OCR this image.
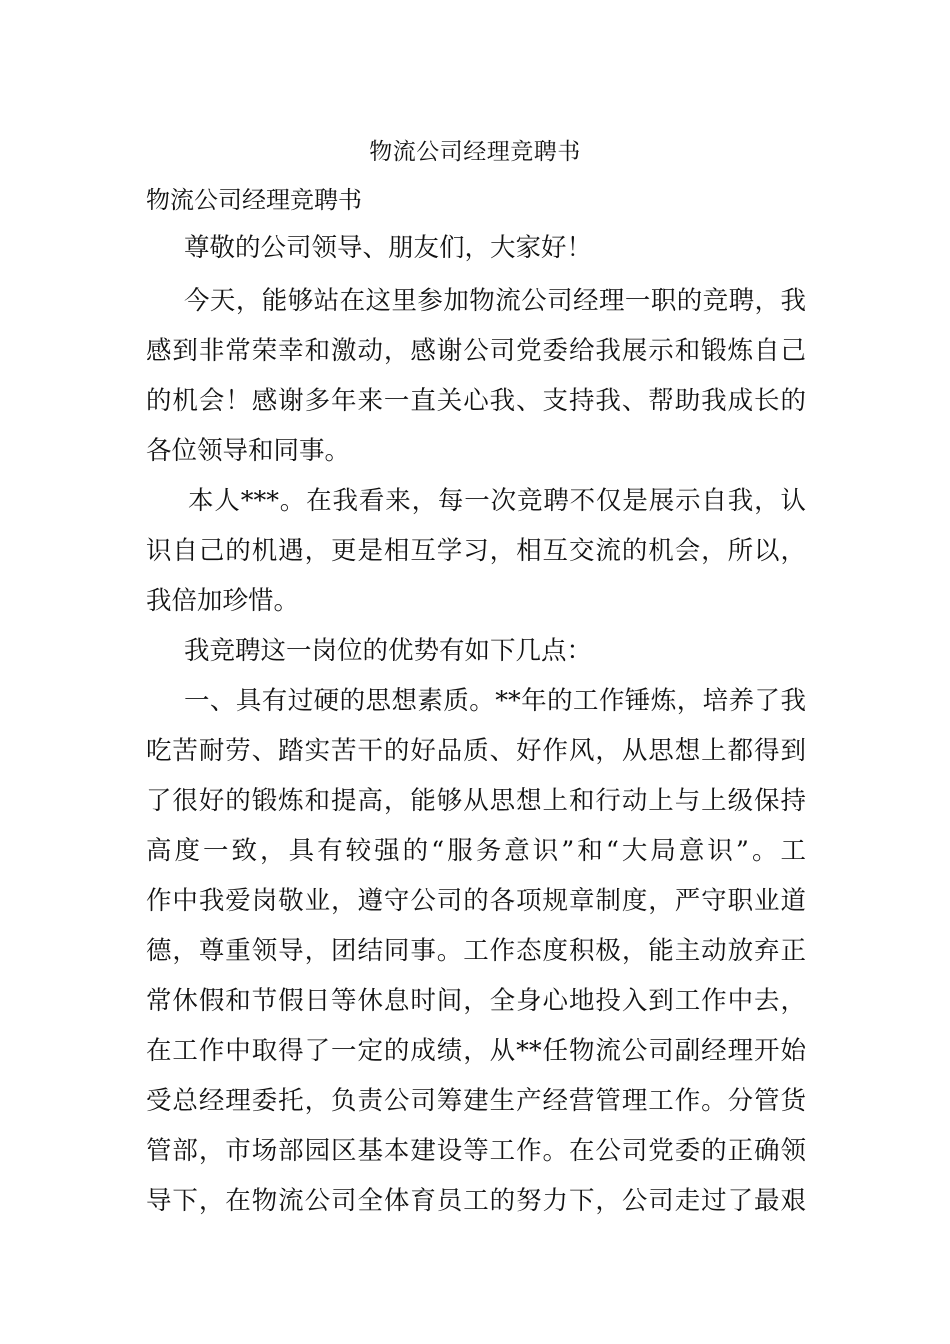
物流公司经理竞聘书
物流公司经理竞聘书
尊敬的公司领导、朋友们，大家好！
今天，能够站在这里参加物流公司经理一职的竞聘，我
感到非常荣幸和激动，感谢公司党委给我展示和锻炼自己
的机会！感谢多年来一直关心我、支持我、帮助我成长的
各位领导和同事。
本人***。在我看来，每一次竞聘不仅是展示自我，认
识自己的机遇，更是相互学习，相互交流的机会，所以，
我倍加珍惜。
我竞聘这一岗位的优势有如下几点：
一、具有过硬的思想素质。**年的工作锤炼，培养了我
吃苦耐劳、踏实苦干的好品质、好作风，从思想上都得到
了很好的锻炼和提高，能够从思想上和行动上与上级保持
高度一致，具有较强的“服务意识”和“大局意识”。工
作中我爱岗敬业，遵守公司的各项规章制度，严守职业道
德，尊重领导，团结同事。工作态度积极，能主动放弃正
常休假和节假日等休息时间，全身心地投入到工作中去，
在工作中取得了一定的成绩，从**任物流公司副经理开始
受总经理委托，负责公司筹建生产经营管理工作。分管货
管部，市场部园区基本建设等工作。在公司党委的正确领
导下，在物流公司全体育员工的努力下，公司走过了最艰
